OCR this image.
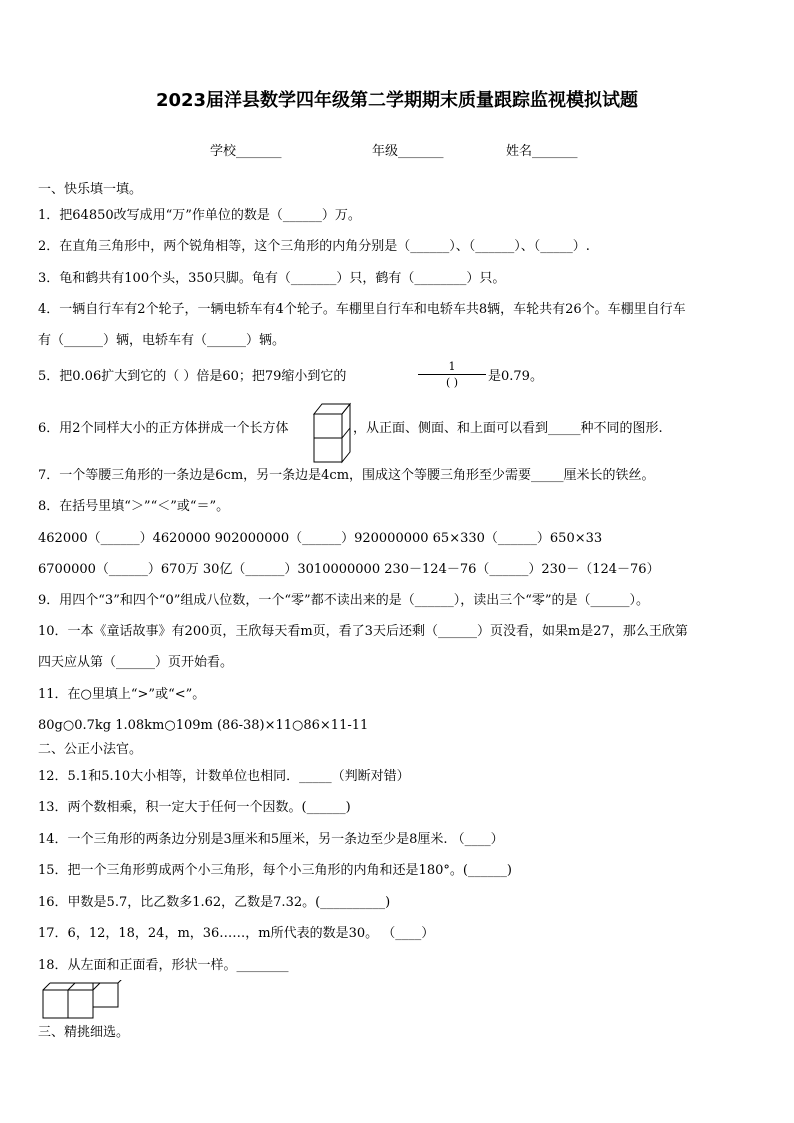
2023届洋县数学四年级第二学期期末质量跟踪监视模拟试题
学校_______	年级_______	姓名_______
一、快乐填一填。
1．把64850改写成用“万”作单位的数是（______）万。
2．在直角三角形中，两个锐角相等，这个三角形的内角分别是（______）、（______）、（_____）.
3．龟和鹤共有100个头，350只脚。龟有（_______）只，鹤有（________）只。
4．一辆自行车有2个轮子，一辆电轿车有4个轮子。车棚里自行车和电轿车共8辆，车轮共有26个。车棚里自行车
有（______）辆，电轿车有（______）辆。
5．把0.06扩大到它的（ ）倍是60；把79缩小到它的
1
( )	是0.79。
6．用2个同样大小的正方体拼成一个长方体	，从正面、侧面、和上面可以看到_____种不同的图形.
7．一个等腰三角形的一条边是6cm，另一条边是4cm，围成这个等腰三角形至少需要_____厘米长的铁丝。
8．在括号里填“＞”“＜”或“＝”。
462000（______）4620000 902000000（______）920000000 65×330（______）650×33
6700000（______）670万 30亿（______）3010000000 230－124－76（______）230－（124－76）
9．用四个“3”和四个“0”组成八位数，一个“零”都不读出来的是（______），读出三个“零”的是（______）。
10．一本《童话故事》有200页，王欣每天看m页，看了3天后还剩（______）页没看，如果m是27，那么王欣第
四天应从第（______）页开始看。
11．在○里填上“>”或“<”。
80g○0.7kg 1.08km○109m (86-38)×11○86×11-11
二、公正小法官。
12．5.1和5.10大小相等，计数单位也相同．_____（判断对错）
13．两个数相乘，积一定大于任何一个因数。(______)
14．一个三角形的两条边分别是3厘米和5厘米，另一条边至少是8厘米. （____）
15．把一个三角形剪成两个小三角形，每个小三角形的内角和还是180°。(______)
16．甲数是5.7，比乙数多1.62，乙数是7.32。(__________)
17．6，12，18，24，m，36……，m所代表的数是30。 （____）
18．从左面和正面看，形状一样。________
三、精挑细选。
